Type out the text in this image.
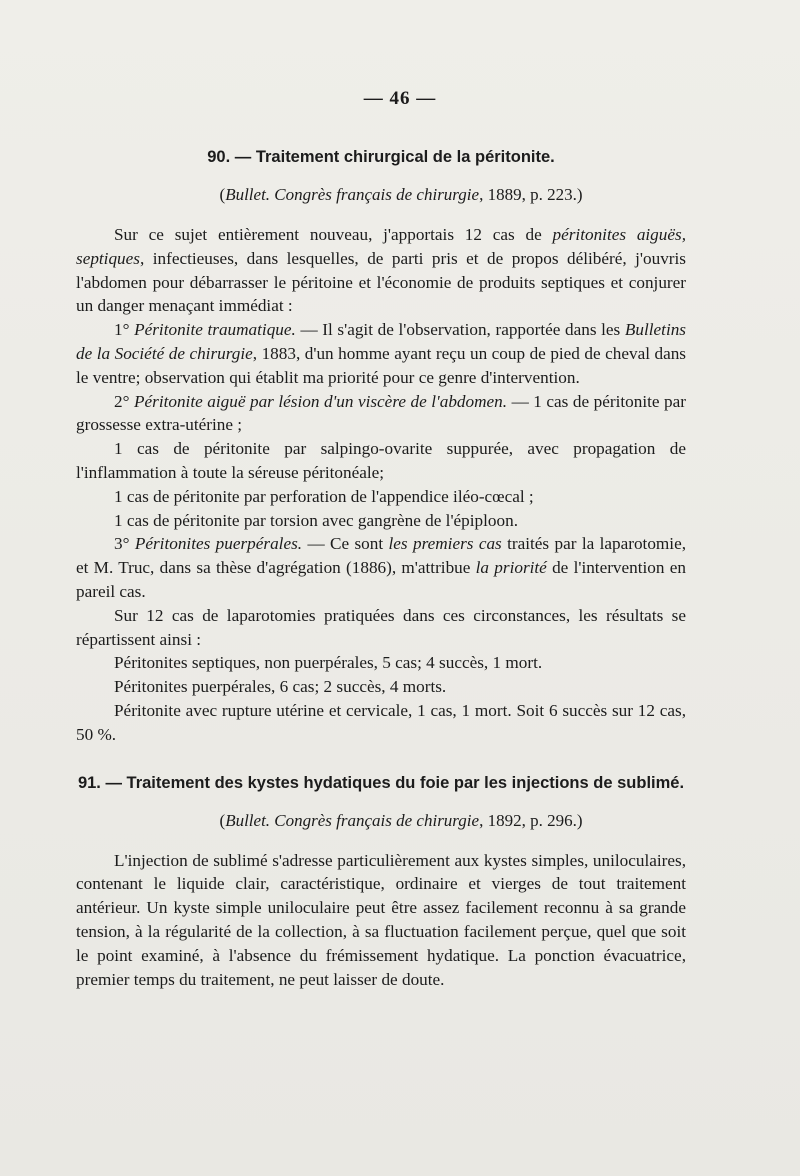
— 46 —
90. — Traitement chirurgical de la péritonite.
(Bullet. Congrès français de chirurgie, 1889, p. 223.)

Sur ce sujet entièrement nouveau, j'apportais 12 cas de péritonites aiguës, septiques, infectieuses, dans lesquelles, de parti pris et de propos délibéré, j'ouvris l'abdomen pour débarrasser le péritoine et l'économie de produits septiques et conjurer un danger menaçant immédiat :

1° Péritonite traumatique. — Il s'agit de l'observation, rapportée dans les Bulletins de la Société de chirurgie, 1883, d'un homme ayant reçu un coup de pied de cheval dans le ventre; observation qui établit ma priorité pour ce genre d'intervention.

2° Péritonite aiguë par lésion d'un viscère de l'abdomen. — 1 cas de péritonite par grossesse extra-utérine ;

1 cas de péritonite par salpingo-ovarite suppurée, avec propagation de l'inflammation à toute la séreuse péritonéale;

1 cas de péritonite par perforation de l'appendice iléo-cœcal ;

1 cas de péritonite par torsion avec gangrène de l'épiploon.

3° Péritonites puerpérales. — Ce sont les premiers cas traités par la laparotomie, et M. Truc, dans sa thèse d'agrégation (1886), m'attribue la priorité de l'intervention en pareil cas.

Sur 12 cas de laparotomies pratiquées dans ces circonstances, les résultats se répartissent ainsi :

Péritonites septiques, non puerpérales, 5 cas; 4 succès, 1 mort.

Péritonites puerpérales, 6 cas; 2 succès, 4 morts.

Péritonite avec rupture utérine et cervicale, 1 cas, 1 mort. Soit 6 succès sur 12 cas, 50 %.

91. — Traitement des kystes hydatiques du foie par les injections de sublimé.
(Bullet. Congrès français de chirurgie, 1892, p. 296.)

L'injection de sublimé s'adresse particulièrement aux kystes simples, uniloculaires, contenant le liquide clair, caractéristique, ordinaire et vierges de tout traitement antérieur. Un kyste simple uniloculaire peut être assez facilement reconnu à sa grande tension, à la régularité de la collection, à sa fluctuation facilement perçue, quel que soit le point examiné, à l'absence du frémissement hydatique. La ponction évacuatrice, premier temps du traitement, ne peut laisser de doute.
